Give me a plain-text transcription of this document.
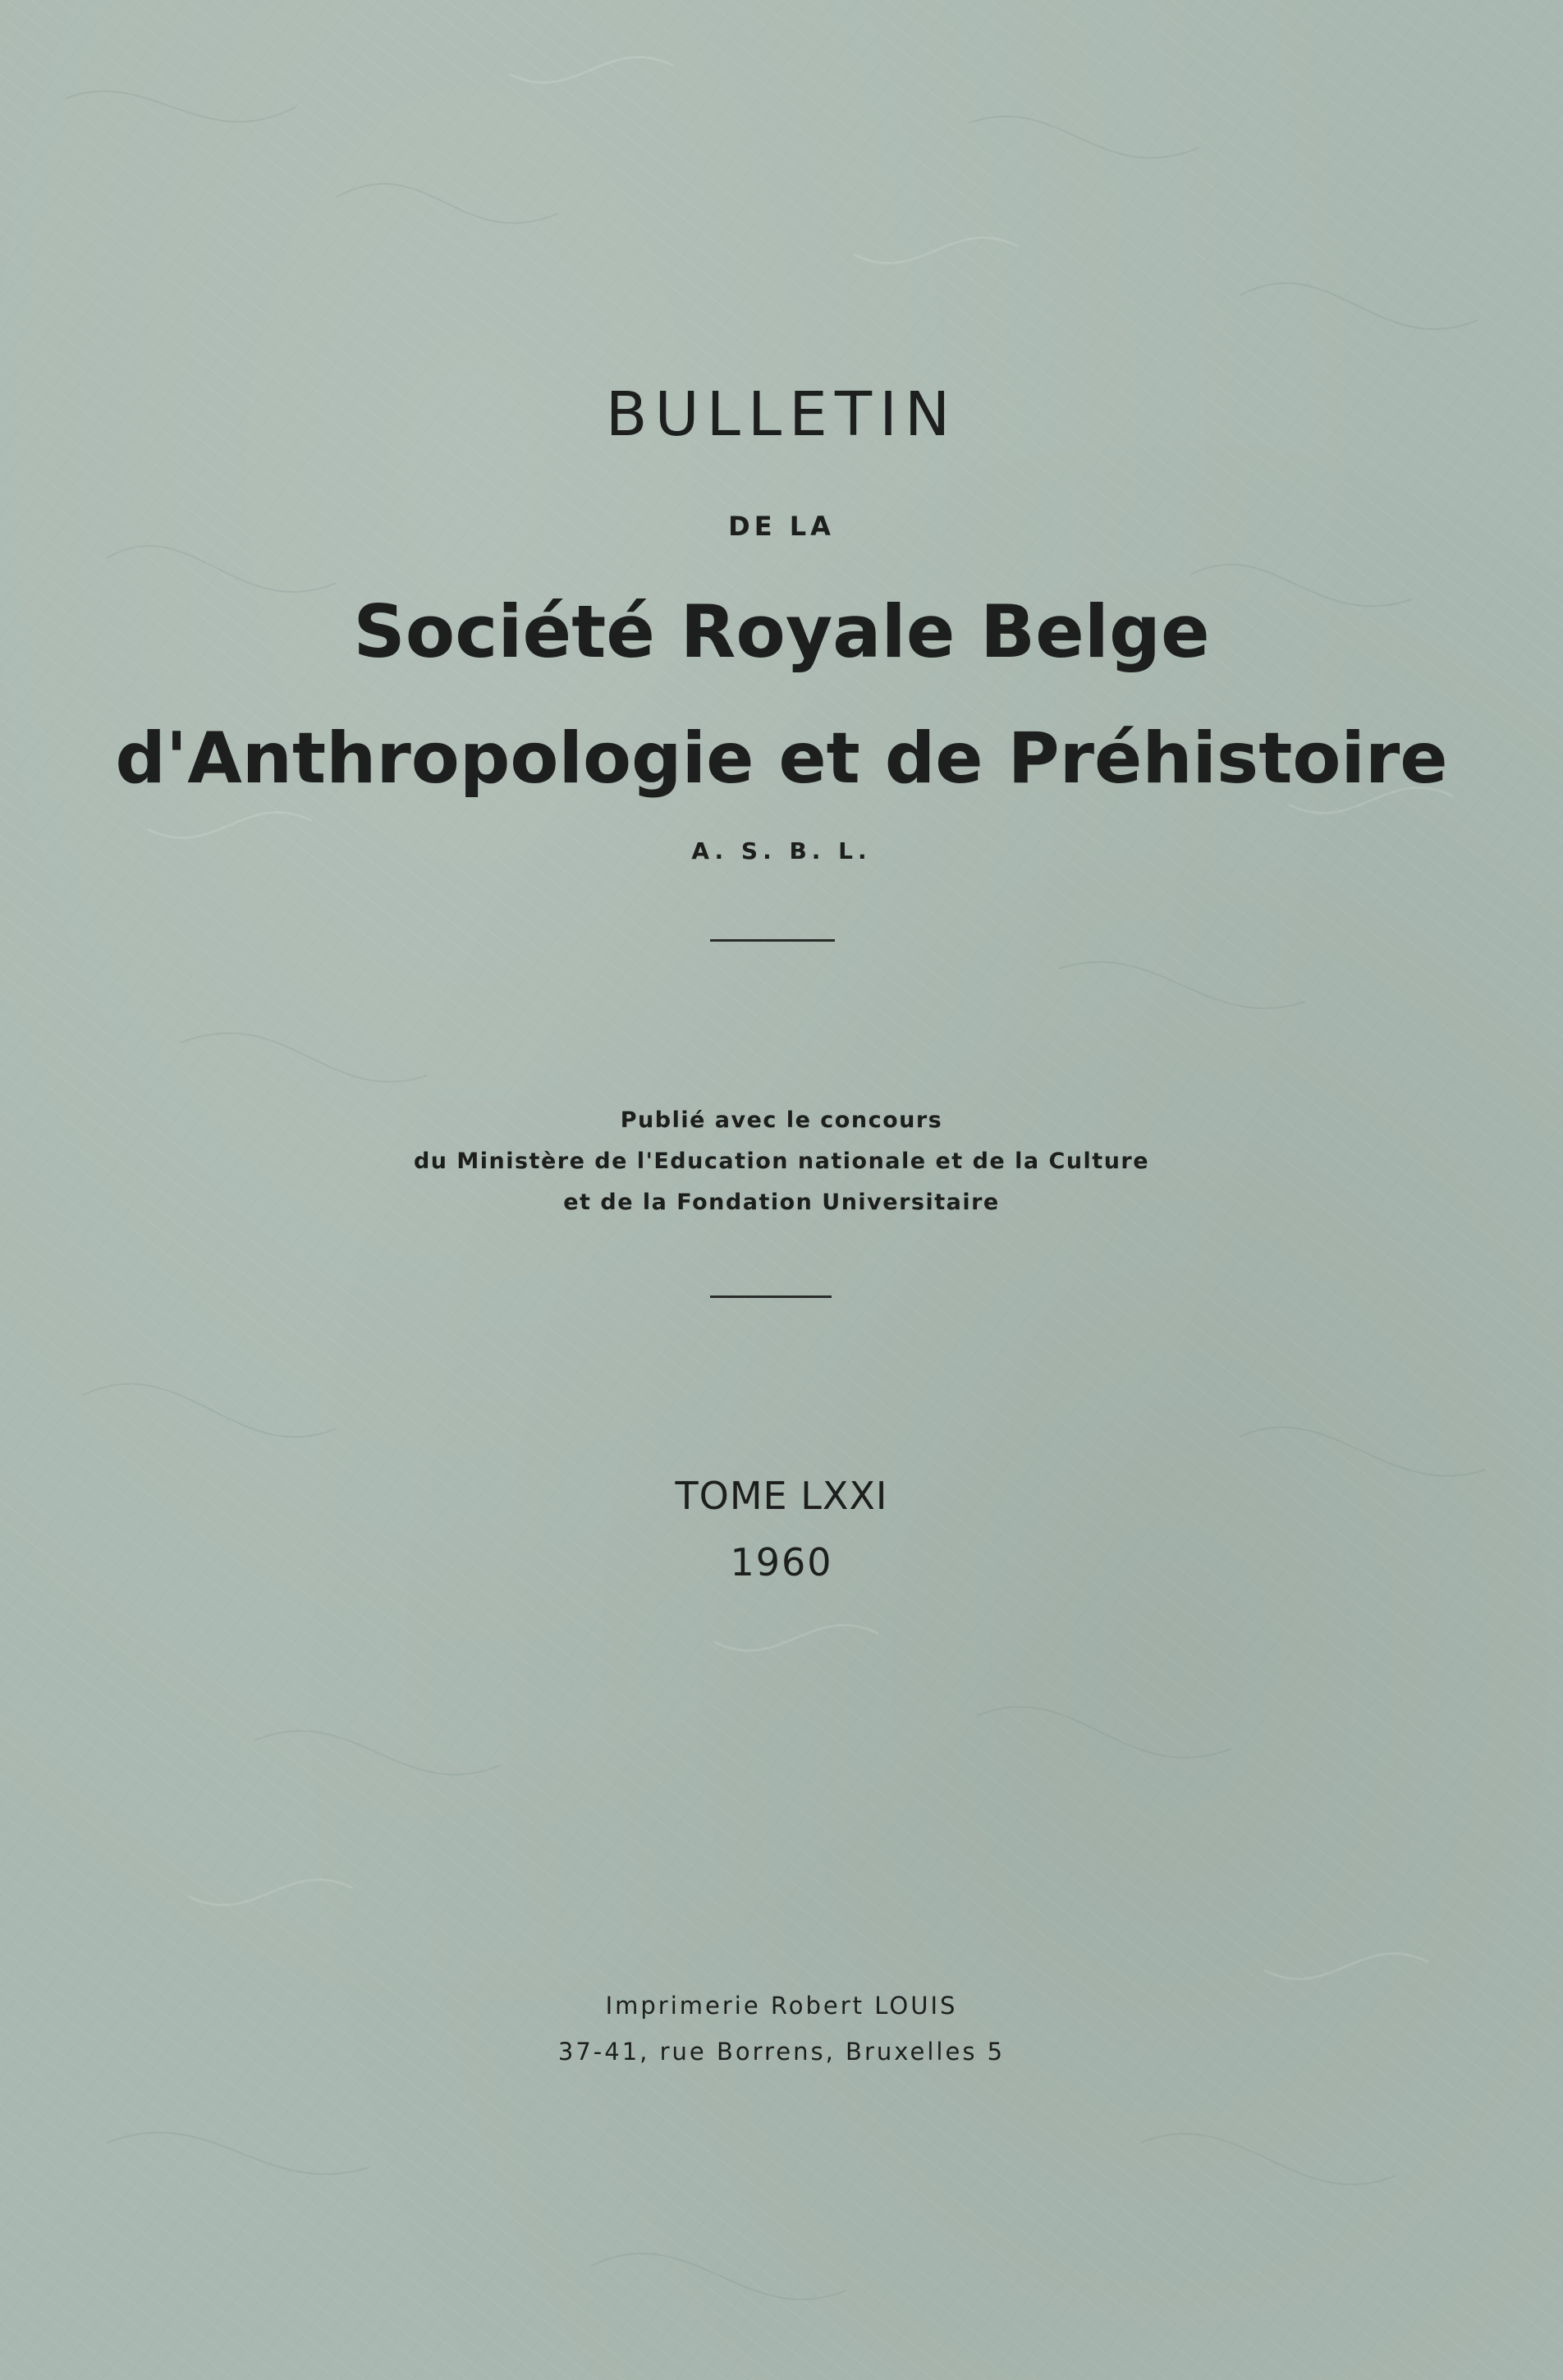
BULLETIN
DE LA
Société Royale Belge
d'Anthropologie et de Préhistoire
A. S. B. L.
Publié avec le concours
du Ministère de l'Education nationale et de la Culture
et de la Fondation Universitaire
TOME LXXI
1960
Imprimerie Robert LOUIS
37-41, rue Borrens, Bruxelles 5
